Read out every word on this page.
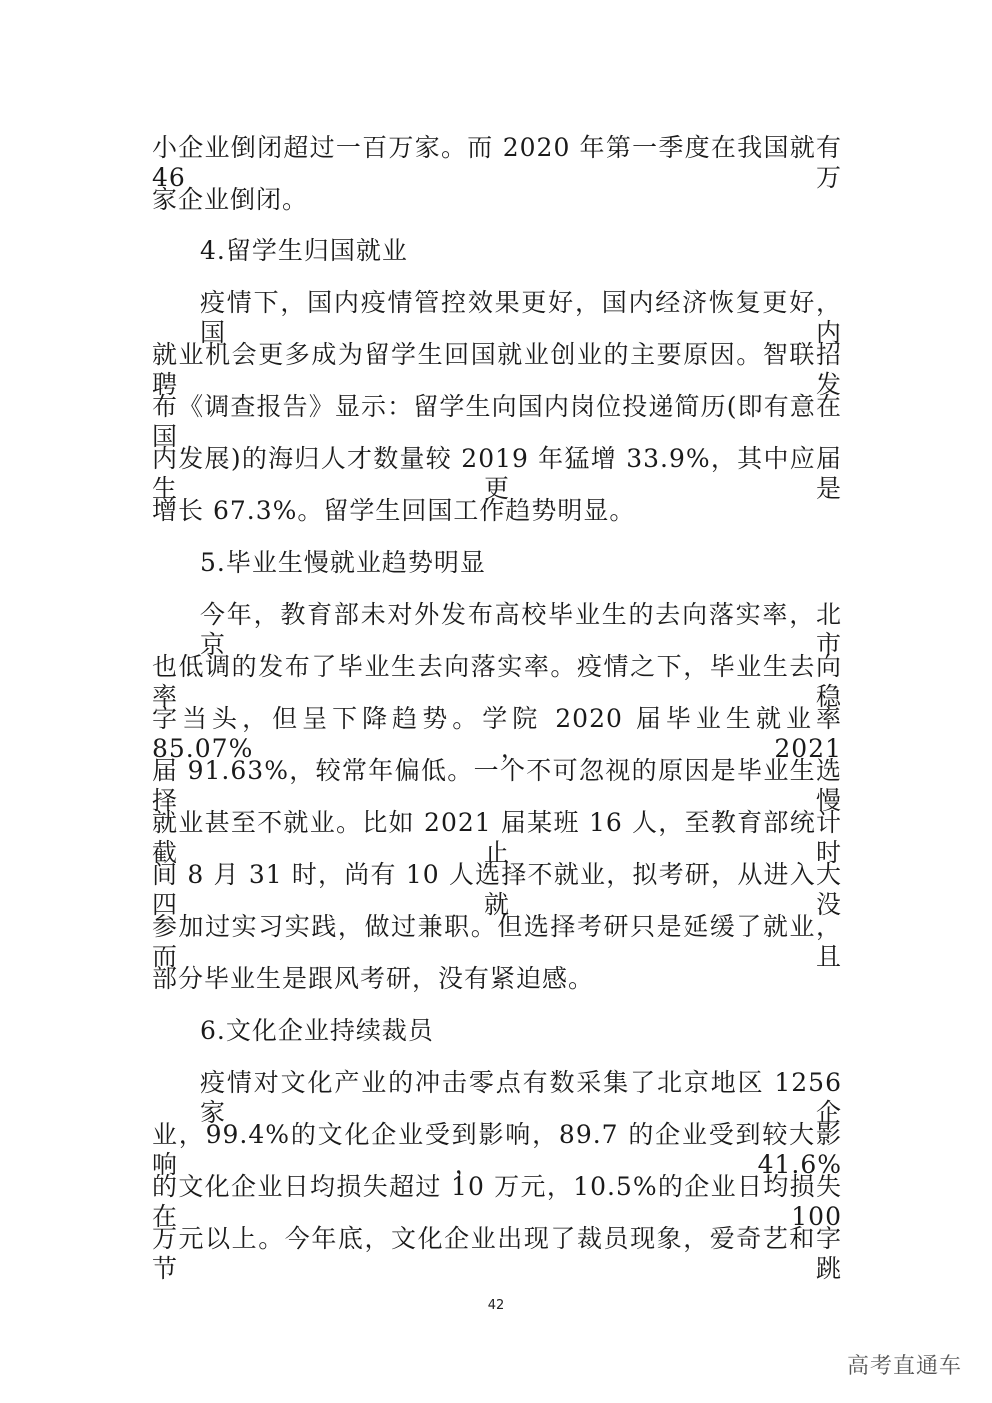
小企业倒闭超过一百万家。而 2020 年第一季度在我国就有 46 万
家企业倒闭。
4.留学生归国就业
疫情下，国内疫情管控效果更好，国内经济恢复更好，国内
就业机会更多成为留学生回国就业创业的主要原因。智联招聘发
布《调查报告》显示：留学生向国内岗位投递简历(即有意在国
内发展)的海归人才数量较 2019 年猛增 33.9%，其中应届生更是
增长 67.3%。留学生回国工作趋势明显。
5.毕业生慢就业趋势明显
今年，教育部未对外发布高校毕业生的去向落实率，北京市
也低调的发布了毕业生去向落实率。疫情之下，毕业生去向率稳
字当头，但呈下降趋势。学院 2020 届毕业生就业率 85.07%，2021
届 91.63%，较常年偏低。一个不可忽视的原因是毕业生选择慢
就业甚至不就业。比如 2021 届某班 16 人，至教育部统计截止时
间 8 月 31 时，尚有 10 人选择不就业，拟考研，从进入大四就没
参加过实习实践，做过兼职。但选择考研只是延缓了就业，而且
部分毕业生是跟风考研，没有紧迫感。
6.文化企业持续裁员
疫情对文化产业的冲击零点有数采集了北京地区 1256 家企
业，99.4%的文化企业受到影响，89.7 的企业受到较大影响，41.6%
的文化企业日均损失超过 10 万元，10.5%的企业日均损失在 100
万元以上。今年底，文化企业出现了裁员现象，爱奇艺和字节跳
42
高考直通车
